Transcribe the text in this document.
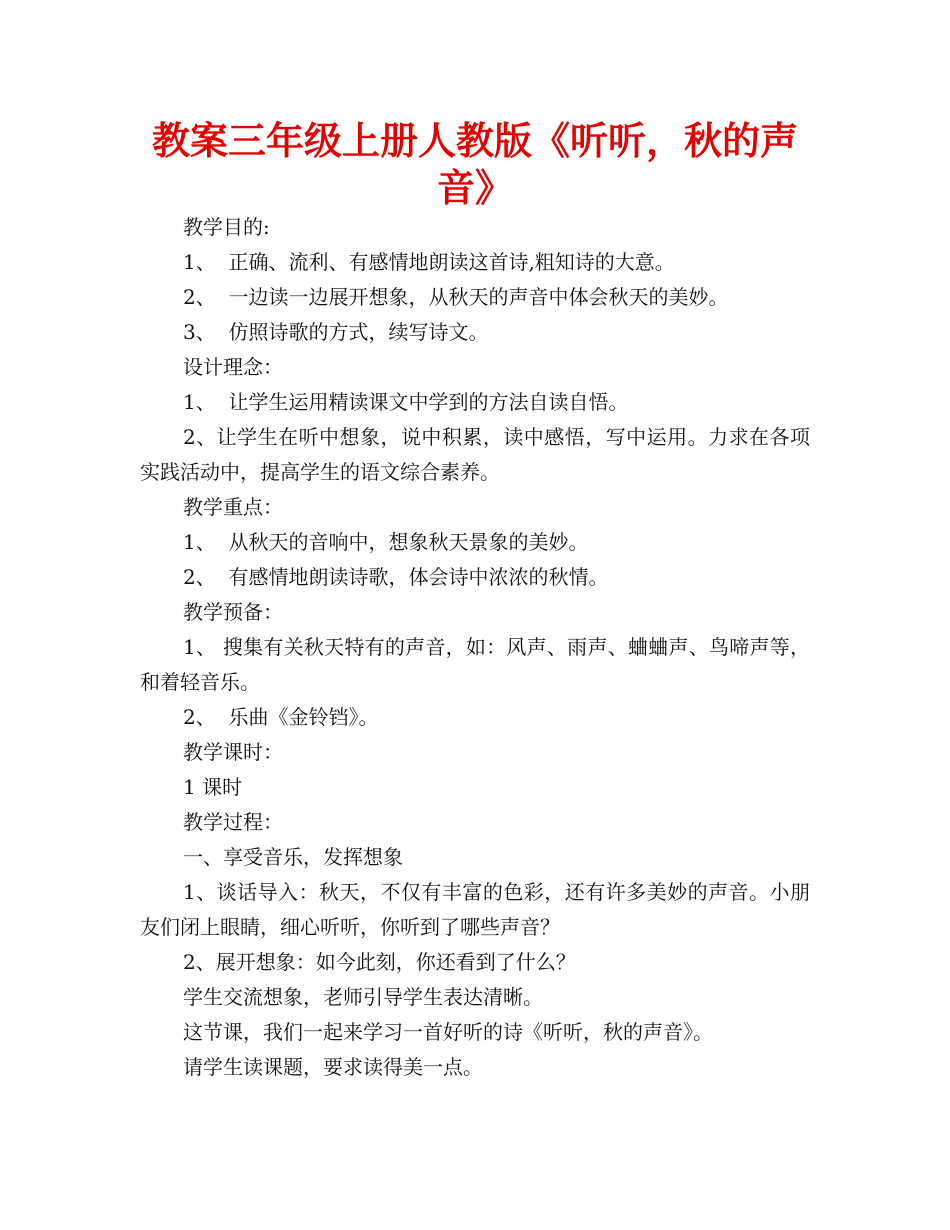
教案三年级上册人教版《听听，秋的声音》

教学目的:

1、  正确、流利、有感情地朗读这首诗,粗知诗的大意。

2、  一边读一边展开想象，从秋天的声音中体会秋天的美妙。

3、  仿照诗歌的方式，续写诗文。

设计理念：

1、  让学生运用精读课文中学到的方法自读自悟。

2、让学生在听中想象，说中积累，读中感悟，写中运用。力求在各项实践活动中，提高学生的语文综合素养。

教学重点：

1、  从秋天的音响中，想象秋天景象的美妙。

2、  有感情地朗读诗歌，体会诗中浓浓的秋情。

教学预备：

1、 搜集有关秋天特有的声音，如：风声、雨声、蛐蛐声、鸟啼声等，和着轻音乐。

2、  乐曲《金铃铛》。

教学课时：

1 课时

教学过程：

一、享受音乐，发挥想象

1、谈话导入：秋天，不仅有丰富的色彩，还有许多美妙的声音。小朋友们闭上眼睛，细心听听，你听到了哪些声音？

2、展开想象：如今此刻，你还看到了什么？

学生交流想象，老师引导学生表达清晰。

这节课，我们一起来学习一首好听的诗《听听，秋的声音》。

请学生读课题，要求读得美一点。
